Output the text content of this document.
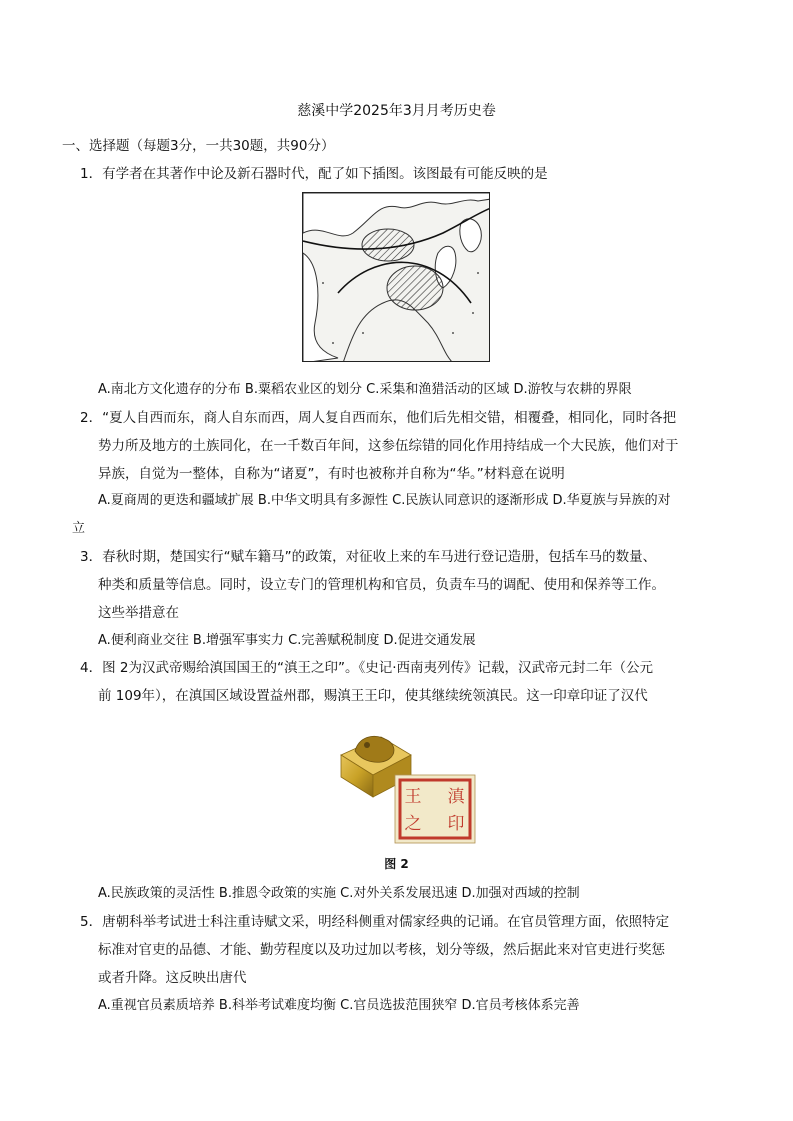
慈溪中学2025年3月月考历史卷
一、选择题（每题3分，一共30题，共90分）
1．有学者在其著作中论及新石器时代，配了如下插图。该图最有可能反映的是
A.南北方文化遗存的分布 B.粟稻农业区的划分 C.采集和渔猎活动的区域 D.游牧与农耕的界限
2．“夏人自西而东，商人自东而西，周人复自西而东，他们后先相交错，相覆叠，相同化，同时各把
势力所及地方的土族同化，在一千数百年间，这参伍综错的同化作用持结成一个大民族，他们对于
异族，自觉为一整体，自称为“诸夏”，有时也被称并自称为“华。”材料意在说明
A.夏商周的更迭和疆域扩展 B.中华文明具有多源性 C.民族认同意识的逐渐形成 D.华夏族与异族的对
立
3．春秋时期，楚国实行“赋车籍马”的政策，对征收上来的车马进行登记造册，包括车马的数量、
种类和质量等信息。同时，设立专门的管理机构和官员，负责车马的调配、使用和保养等工作。
这些举措意在
A.便利商业交往 B.增强军事实力 C.完善赋税制度 D.促进交通发展
4．图 2为汉武帝赐给滇国国王的“滇王之印”。《史记·西南夷列传》记载，汉武帝元封二年（公元
前 109年），在滇国区域设置益州郡，赐滇王王印，使其继续统领滇民。这一印章印证了汉代
王
之
滇
印
图 2
A.民族政策的灵活性 B.推恩令政策的实施 C.对外关系发展迅速 D.加强对西域的控制
5．唐朝科举考试进士科注重诗赋文采，明经科侧重对儒家经典的记诵。在官员管理方面，依照特定
标准对官吏的品德、才能、勤劳程度以及功过加以考核，划分等级，然后据此来对官吏进行奖惩
或者升降。这反映出唐代
A.重视官员素质培养 B.科举考试难度均衡 C.官员选拔范围狭窄 D.官员考核体系完善
